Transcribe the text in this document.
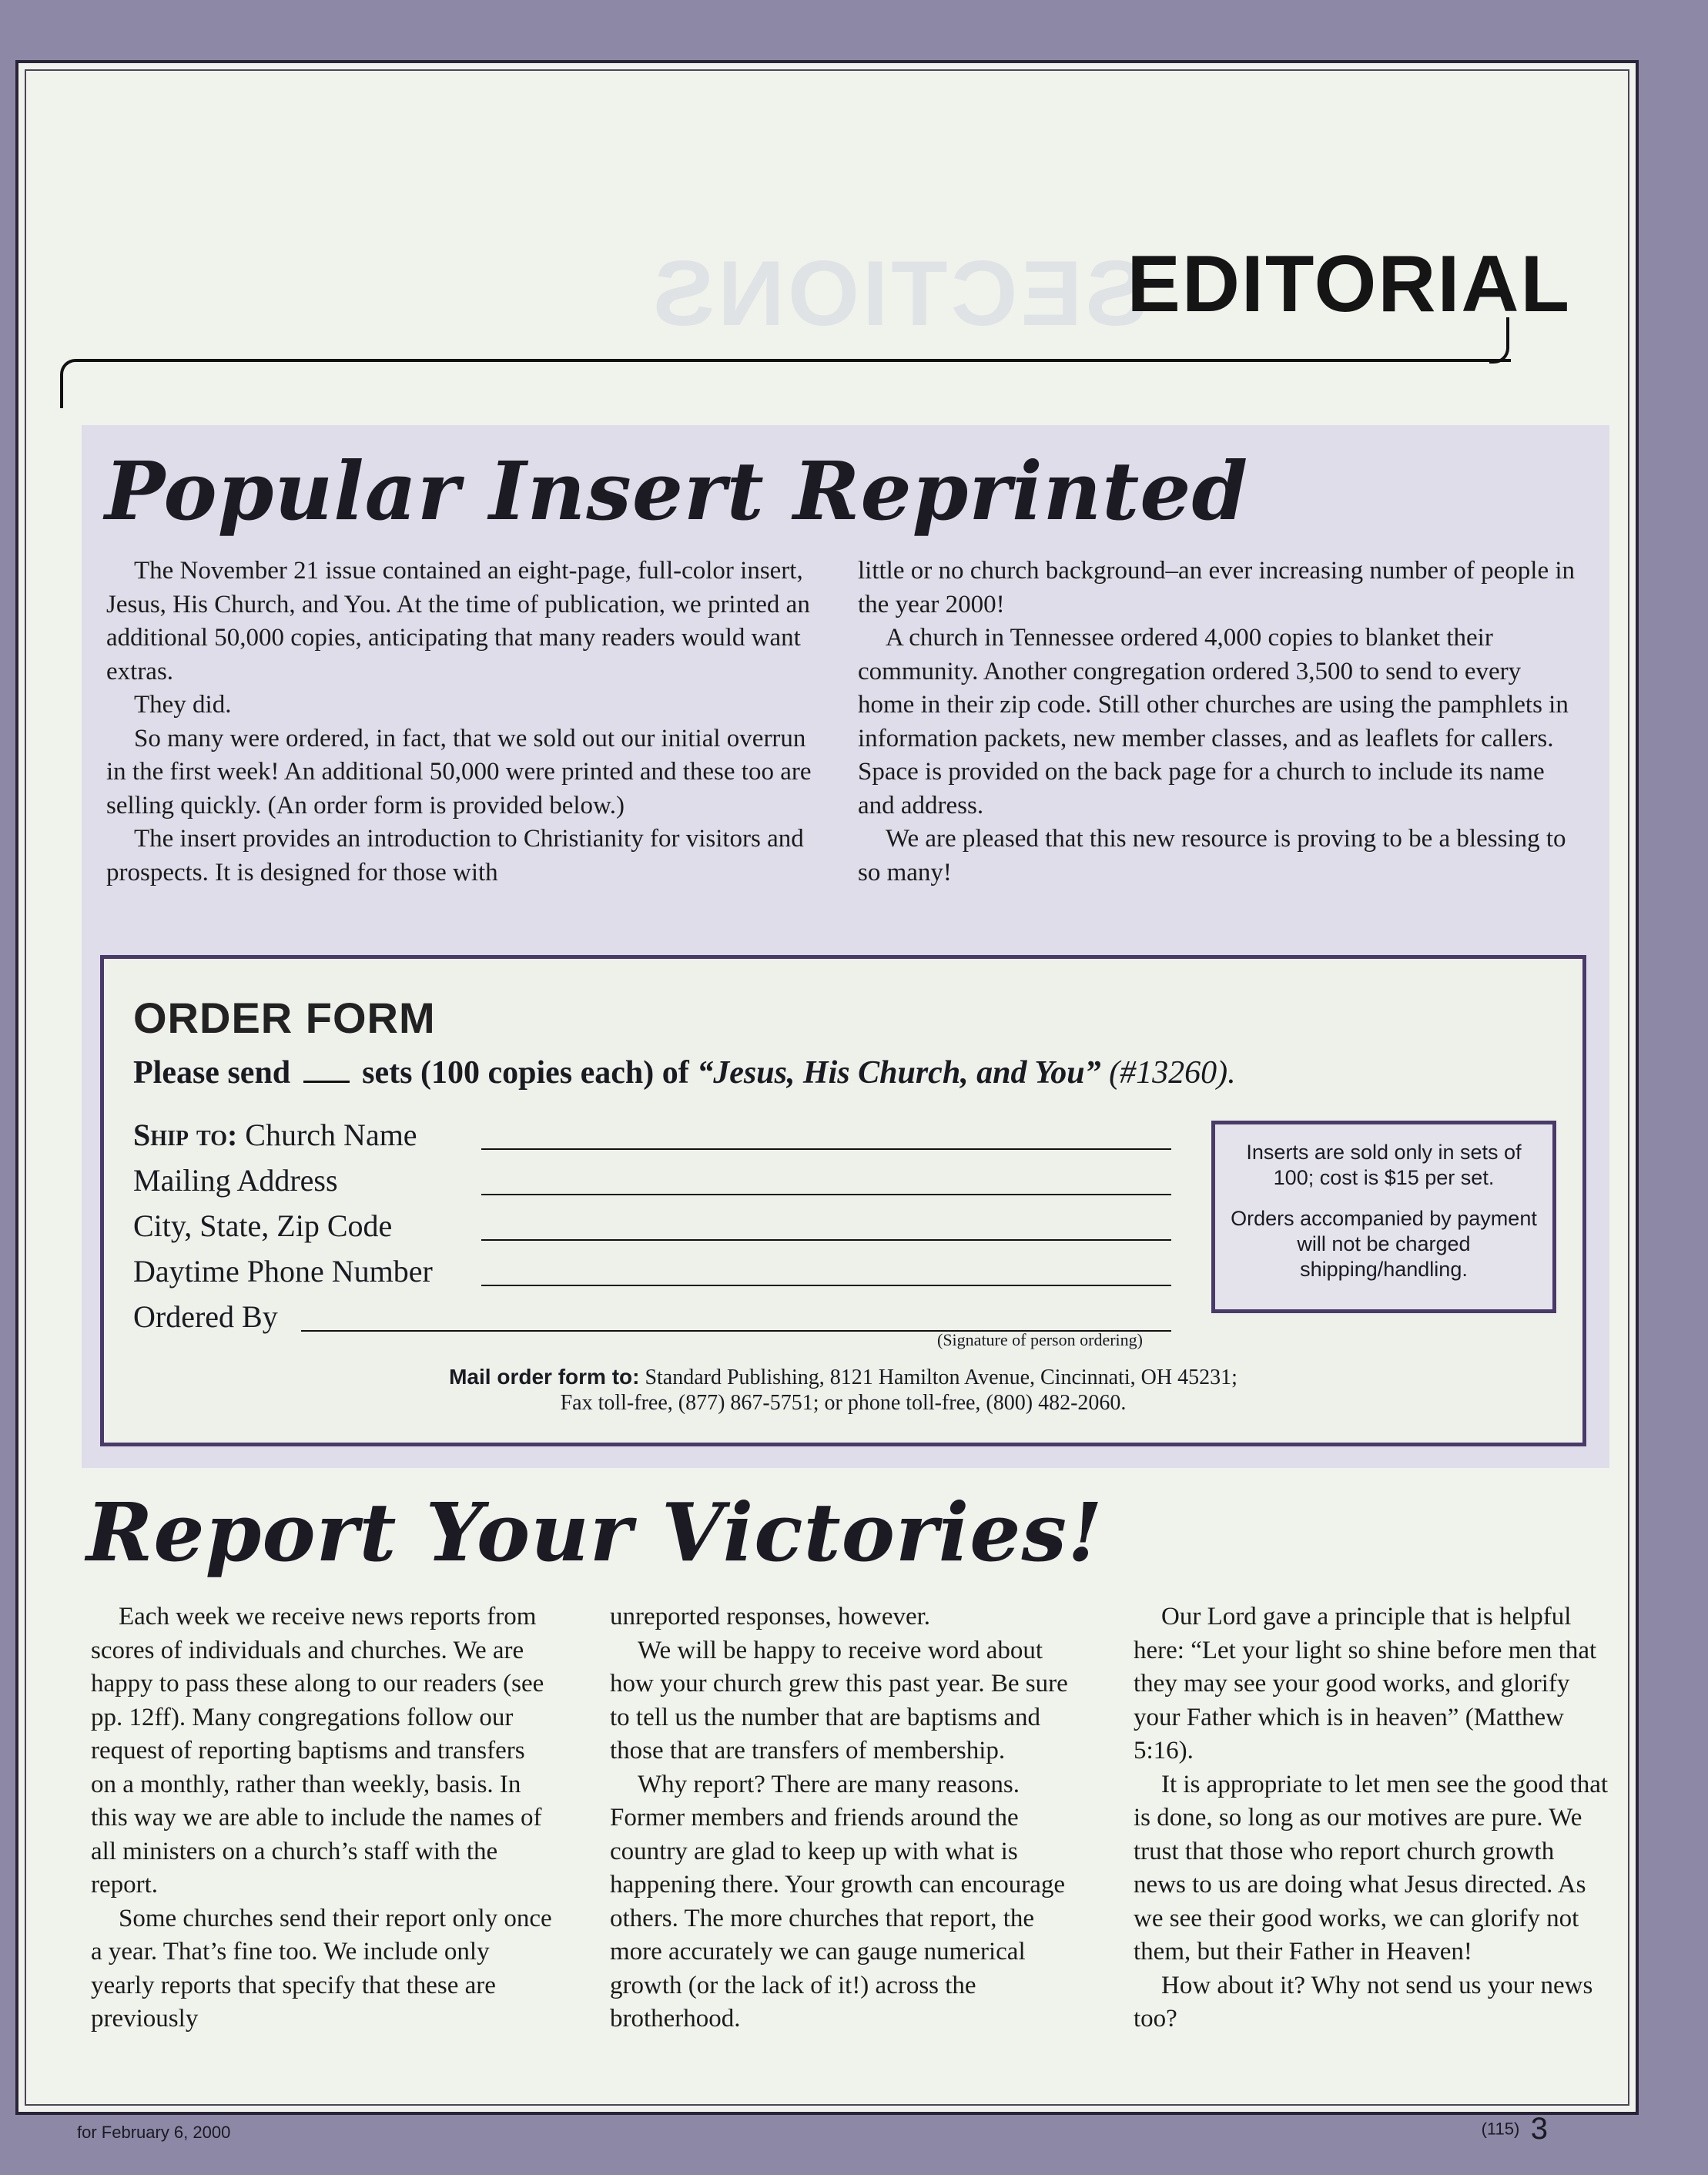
SECTIONS
EDITORIAL
Popular Insert Reprinted

The November 21 issue contained an eight-page, full-color insert, Jesus, His Church, and You. At the time of publication, we printed an additional 50,000 copies, anticipating that many readers would want extras.

They did.

So many were ordered, in fact, that we sold out our initial overrun in the first week! An additional 50,000 were printed and these too are selling quickly. (An order form is provided below.)

The insert provides an introduction to Christianity for visitors and prospects. It is designed for those with

little or no church background–an ever increasing number of people in the year 2000!

A church in Tennessee ordered 4,000 copies to blanket their community. Another congregation ordered 3,500 to send to every home in their zip code. Still other churches are using the pamphlets in information packets, new member classes, and as leaflets for callers. Space is provided on the back page for a church to include its name and address.

We are pleased that this new resource is proving to be a blessing to so many!

ORDER FORM
Please send sets (100 copies each) of “Jesus, His Church, and You” (#13260).
Ship to: Church Name
Mailing Address
City, State, Zip Code
Daytime Phone Number
Ordered By
(Signature of person ordering)

Inserts are sold only in sets of 100; cost is $15 per set.

Orders accompanied by payment will not be charged shipping/handling.

Mail order form to: Standard Publishing, 8121 Hamilton Avenue, Cincinnati, OH 45231;
Fax toll-free, (877) 867-5751; or phone toll-free, (800) 482-2060.
Report Your Victories!

Each week we receive news reports from scores of individuals and churches. We are happy to pass these along to our readers (see pp. 12ff). Many congregations follow our request of reporting baptisms and transfers on a monthly, rather than weekly, basis. In this way we are able to include the names of all ministers on a church’s staff with the report.

Some churches send their report only once a year. That’s fine too. We include only yearly reports that specify that these are previously

unreported responses, however.

We will be happy to receive word about how your church grew this past year. Be sure to tell us the number that are baptisms and those that are transfers of membership.

Why report? There are many reasons. Former members and friends around the country are glad to keep up with what is happening there. Your growth can encourage others. The more churches that report, the more accurately we can gauge numerical growth (or the lack of it!) across the brotherhood.

Our Lord gave a principle that is helpful here: “Let your light so shine before men that they may see your good works, and glorify your Father which is in heaven” (Matthew 5:16).

It is appropriate to let men see the good that is done, so long as our motives are pure. We trust that those who report church growth news to us are doing what Jesus directed. As we see their good works, we can glorify not them, but their Father in Heaven!

How about it? Why not send us your news too?

for February 6, 2000	(115) 3
